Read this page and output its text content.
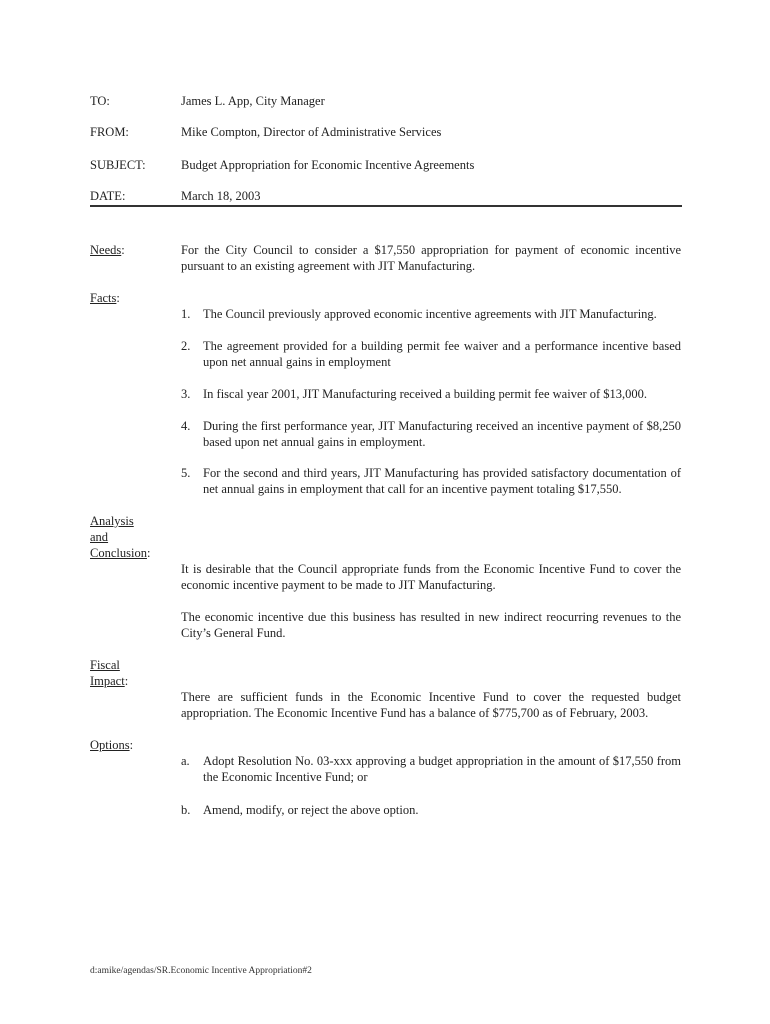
TO:	James L. App, City Manager
FROM:	Mike Compton, Director of Administrative Services
SUBJECT:	Budget Appropriation for Economic Incentive Agreements
DATE:	March 18, 2003
Needs:	For the City Council to consider a $17,550 appropriation for payment of economic incentive pursuant to an existing agreement with JIT Manufacturing.

Facts:
1. The Council previously approved economic incentive agreements with JIT Manufacturing.
2. The agreement provided for a building permit fee waiver and a performance incentive based upon net annual gains in employment
3. In fiscal year 2001, JIT Manufacturing received a building permit fee waiver of $13,000.
4. During the first performance year, JIT Manufacturing received an incentive payment of $8,250 based upon net annual gains in employment.
5. For the second and third years, JIT Manufacturing has provided satisfactory documentation of net annual gains in employment that call for an incentive payment totaling $17,550.
Analysis
and
Conclusion:

It is desirable that the Council appropriate funds from the Economic Incentive Fund to cover the economic incentive payment to be made to JIT Manufacturing.

The economic incentive due this business has resulted in new indirect reocurring revenues to the City’s General Fund.

Fiscal
Impact:

There are sufficient funds in the Economic Incentive Fund to cover the requested budget appropriation. The Economic Incentive Fund has a balance of $775,700 as of February, 2003.

Options:
a. Adopt Resolution No. 03-xxx approving a budget appropriation in the amount of $17,550 from the Economic Incentive Fund; or
b. Amend, modify, or reject the above option.
d:amike/agendas/SR.Economic Incentive Appropriation#2
